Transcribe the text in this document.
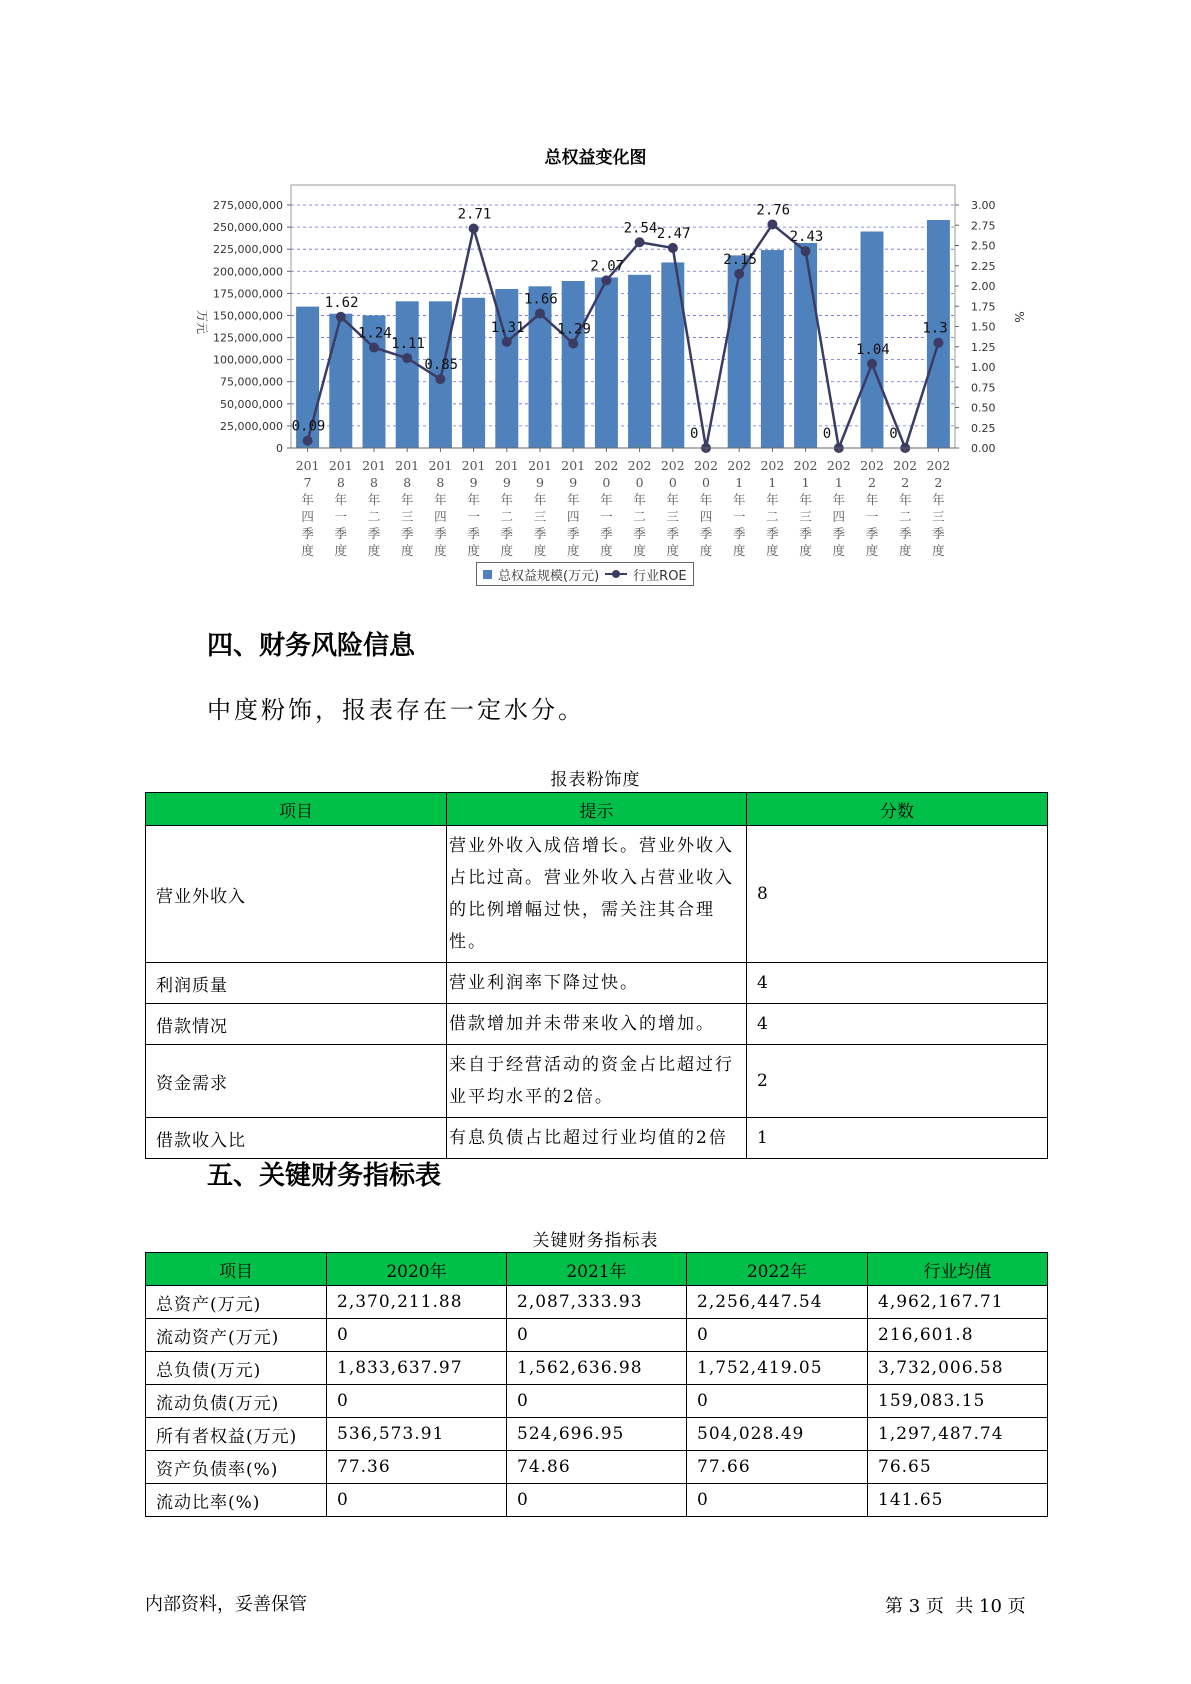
总权益变化图
0.09
1.62
1.24
1.11
0.85
2.71
1.31
1.66
1.29
2.07
2.54 2.47
0
2.15
2.76
2.43
0
1.04
0
1.3
0
25,000,000
50,000,000
75,000,000
100,000,000
125,000,000
150,000,000
175,000,000
200,000,000
225,000,000
250,000,000
275,000,000
0.00
0.25
0.50
0.75
1.00
1.25
1.50
1.75
2.00
2.25
2.50
2.75
3.00
万元	%
201 7 年四季度
201 8 年一季度
201 8 年二季度
201 8 年三季度
201 8 年四季度
201 9 年一季度
201 9 年二季度
201 9 年三季度
201 9 年四季度
202 0 年一季度
202 0 年二季度
202 0 年三季度
202 0 年四季度
202 1 年一季度
202 1 年二季度
202 1 年三季度
202 1 年四季度
202 2 年一季度
202 2 年二季度
202 2 年三季度
总权益规模(万元)	行业ROE
四、财务风险信息
中度粉饰，报表存在一定水分。
报表粉饰度
项目	提示	分数
营业外收入	营业外收入成倍增长。营业外收入占比过高。营业外收入占营业收入的比例增幅过快，需关注其合理性。	8
利润质量	营业利润率下降过快。	4
借款情况	借款增加并未带来收入的增加。	4
资金需求	来自于经营活动的资金占比超过行业平均水平的2倍。	2
借款收入比	有息负债占比超过行业均值的2倍	1
五、关键财务指标表
关键财务指标表
项目	2020年	2021年	2022年	行业均值
总资产(万元)	2,370,211.88	2,087,333.93	2,256,447.54	4,962,167.71
流动资产(万元)	0	0	0	216,601.8
总负债(万元)	1,833,637.97	1,562,636.98	1,752,419.05	3,732,006.58
流动负债(万元)	0	0	0	159,083.15
所有者权益(万元)	536,573.91	524,696.95	504,028.49	1,297,487.74
资产负债率(%)	77.36	74.86	77.66	76.65
流动比率(%)	0	0	0	141.65
内部资料，妥善保管	第 3 页  共 10 页
